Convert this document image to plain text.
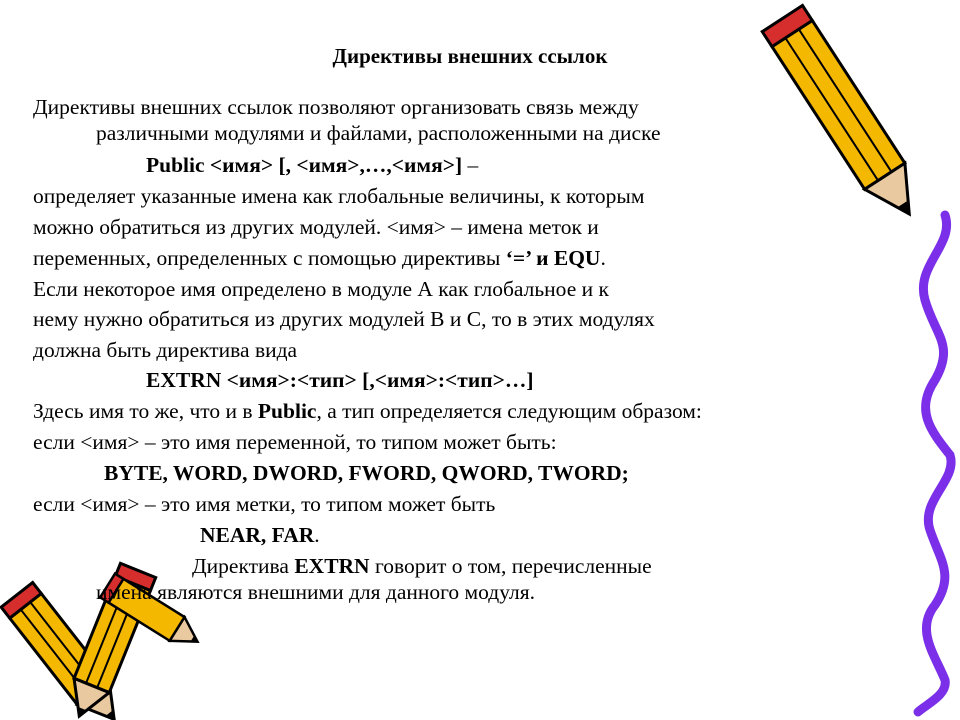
Директивы внешних ссылок
Директивы внешних ссылок позволяют организовать связь между
различными модулями и файлами, расположенными на диске
Public <имя> [, <имя>,…,<имя>] –
определяет указанные имена как глобальные величины, к которым
можно обратиться из других модулей. <имя> – имена меток и
переменных, определенных с помощью директивы ‘=’ и EQU.
Если некоторое имя определено в модуле А как глобальное и к
нему нужно обратиться из других модулей В и С, то в этих модулях
должна быть директива вида
EXTRN <имя>:<тип> [,<имя>:<тип>…]
Здесь имя то же, что и в Public, а тип определяется следующим образом:
если <имя> – это имя переменной, то типом может быть:
BYTE, WORD, DWORD, FWORD, QWORD, TWORD;
если <имя> – это имя метки, то типом может быть
NEAR, FAR.
Директива EXTRN говорит о том, перечисленные
имена являются внешними для данного модуля.
